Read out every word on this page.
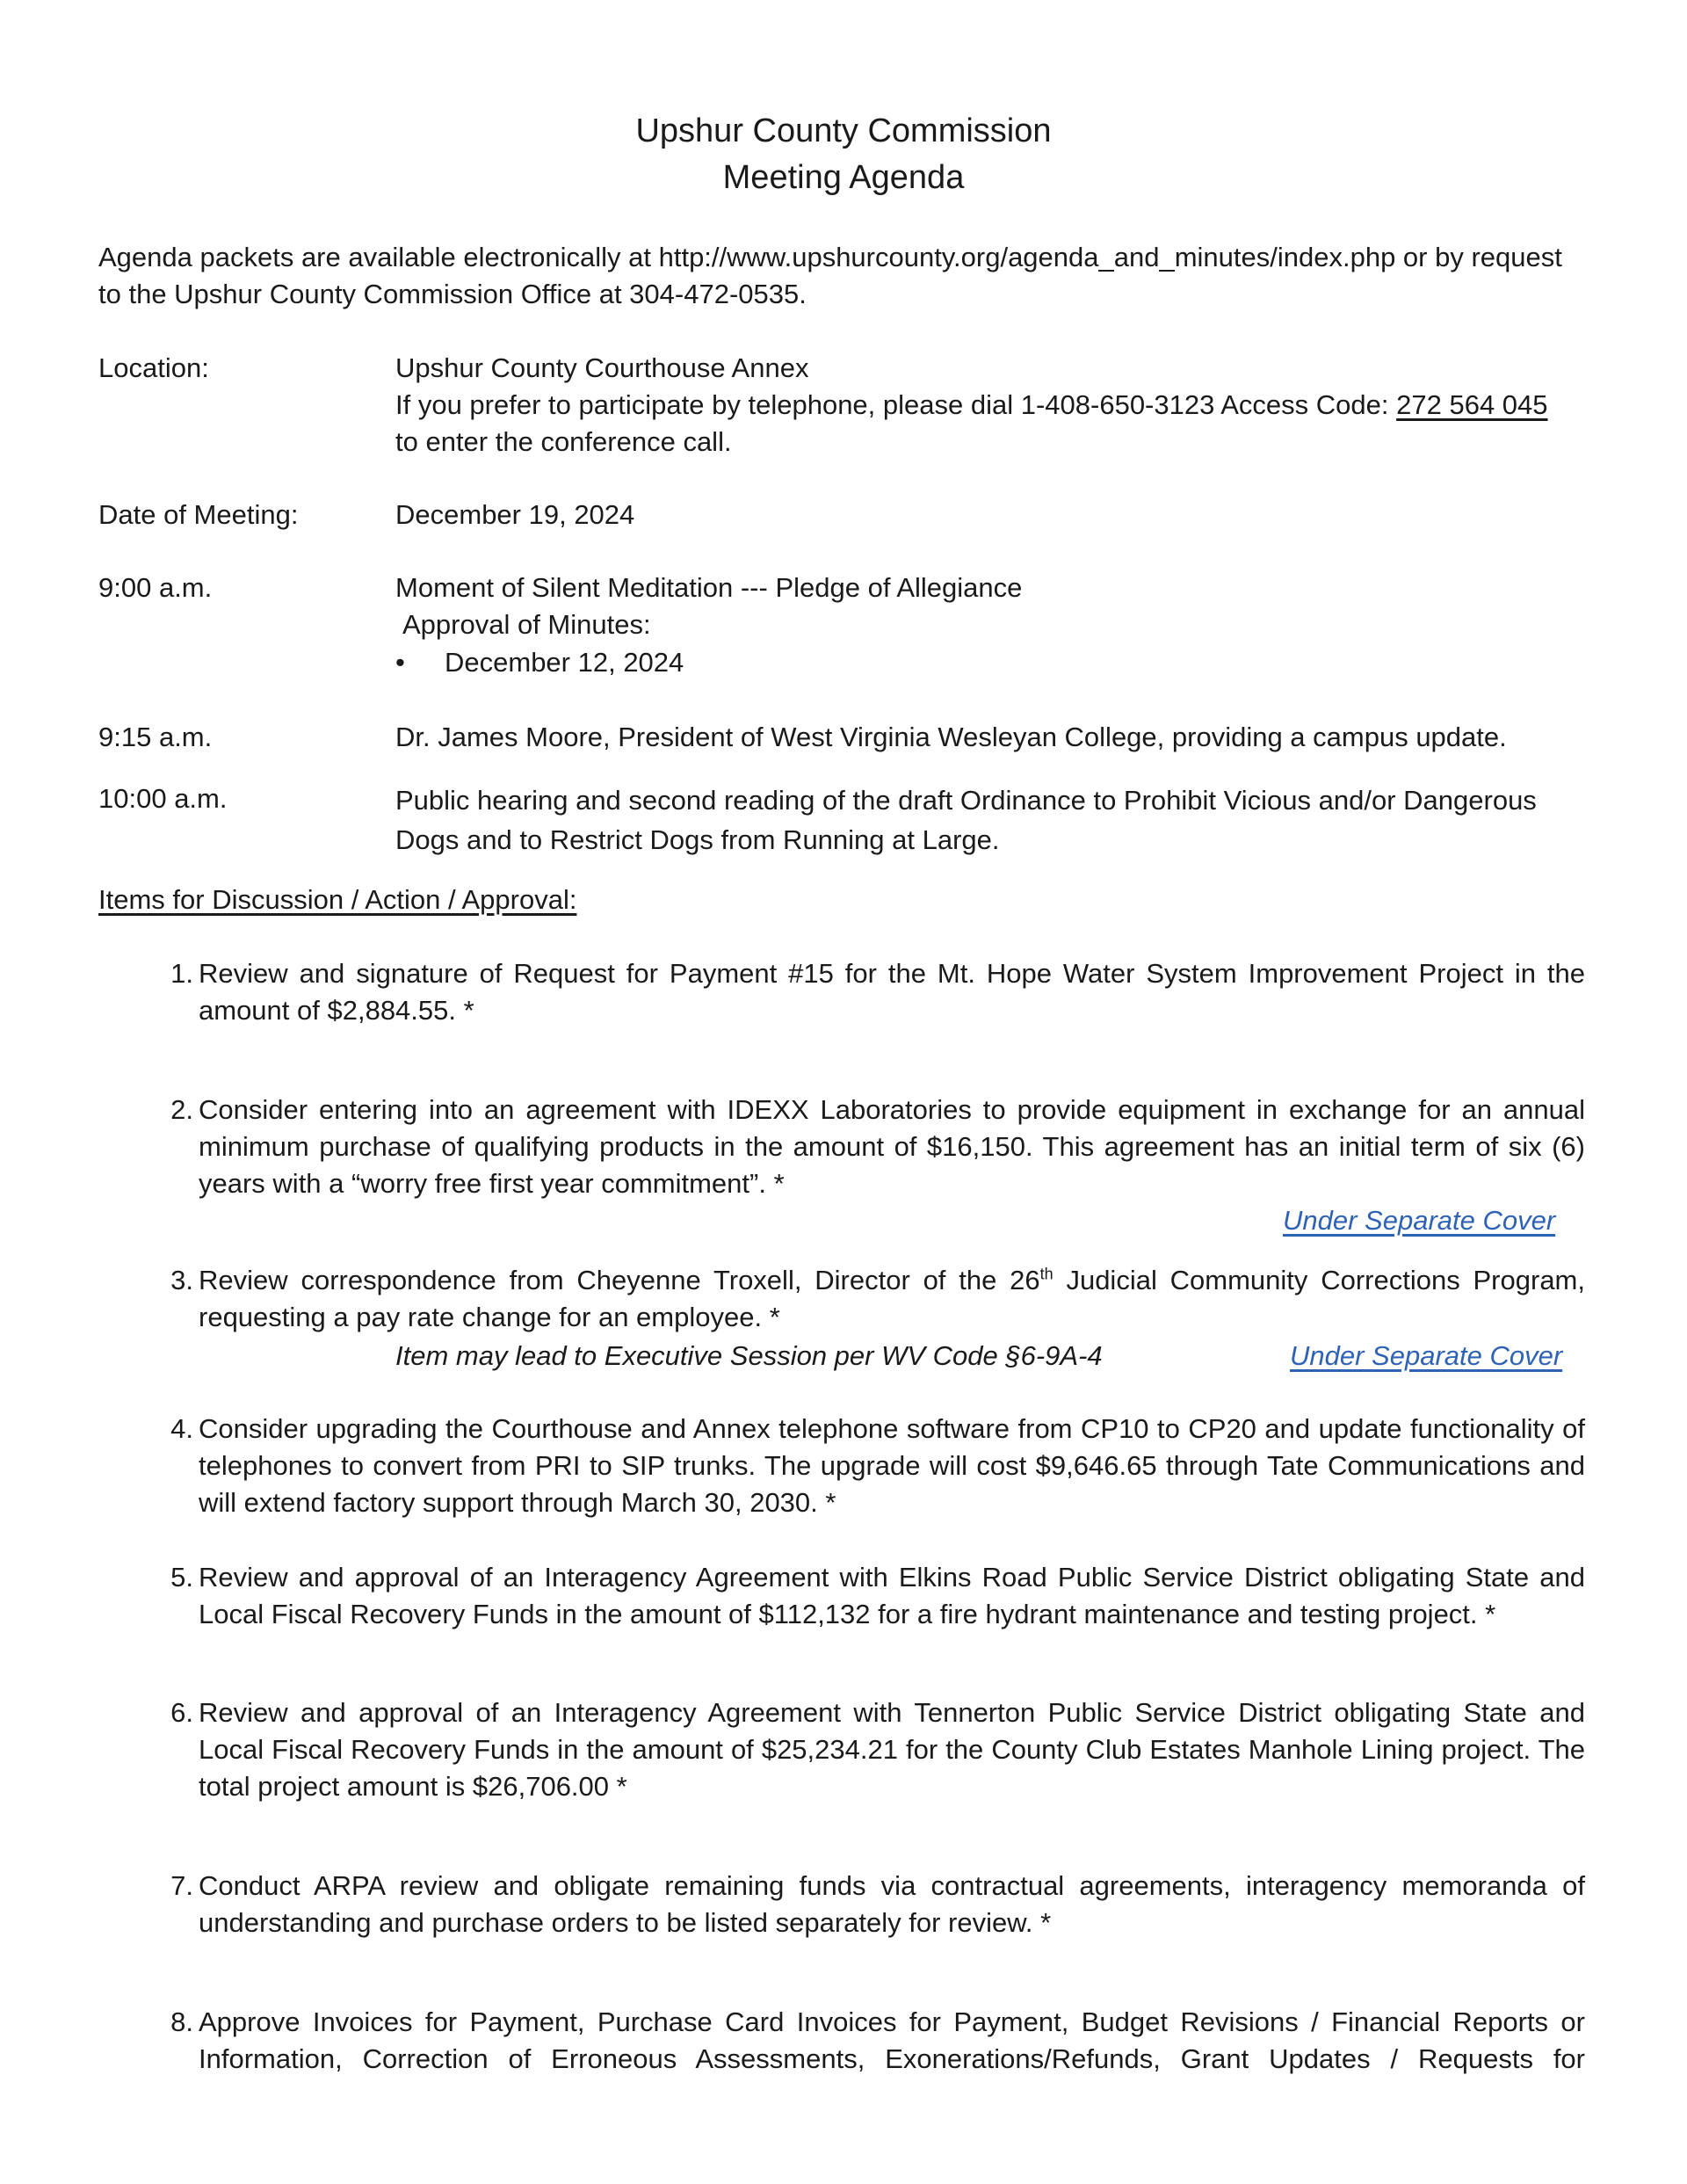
Upshur County Commission
Meeting Agenda
Agenda packets are available electronically at http://www.upshurcounty.org/agenda_and_minutes/index.php or by request to the Upshur County Commission Office at 304-472-0535.
Location:	Upshur County Courthouse Annex
If you prefer to participate by telephone, please dial 1-408-650-3123 Access Code: 272 564 045
to enter the conference call.
Date of Meeting:	December 19, 2024
9:00 a.m.	Moment of Silent Meditation --- Pledge of Allegiance
Approval of Minutes:
• December 12, 2024
9:15 a.m.	Dr. James Moore, President of West Virginia Wesleyan College, providing a campus update.
10:00 a.m.	Public hearing and second reading of the draft Ordinance to Prohibit Vicious and/or Dangerous Dogs and to Restrict Dogs from Running at Large.
Items for Discussion / Action / Approval:
1. Review and signature of Request for Payment #15 for the Mt. Hope Water System Improvement Project in the amount of $2,884.55. *
2. Consider entering into an agreement with IDEXX Laboratories to provide equipment in exchange for an annual minimum purchase of qualifying products in the amount of $16,150. This agreement has an initial term of six (6) years with a “worry free first year commitment”. *
Under Separate Cover
3. Review correspondence from Cheyenne Troxell, Director of the 26th Judicial Community Corrections Program, requesting a pay rate change for an employee. *
Item may lead to Executive Session per WV Code §6-9A-4	Under Separate Cover
4. Consider upgrading the Courthouse and Annex telephone software from CP10 to CP20 and update functionality of telephones to convert from PRI to SIP trunks. The upgrade will cost $9,646.65 through Tate Communications and will extend factory support through March 30, 2030. *
5. Review and approval of an Interagency Agreement with Elkins Road Public Service District obligating State and Local Fiscal Recovery Funds in the amount of $112,132 for a fire hydrant maintenance and testing project. *
6. Review and approval of an Interagency Agreement with Tennerton Public Service District obligating State and Local Fiscal Recovery Funds in the amount of $25,234.21 for the County Club Estates Manhole Lining project. The total project amount is $26,706.00 *
7. Conduct ARPA review and obligate remaining funds via contractual agreements, interagency memoranda of understanding and purchase orders to be listed separately for review. *
8. Approve Invoices for Payment, Purchase Card Invoices for Payment, Budget Revisions / Financial Reports or Information, Correction of Erroneous Assessments, Exonerations/Refunds, Grant Updates / Requests for
